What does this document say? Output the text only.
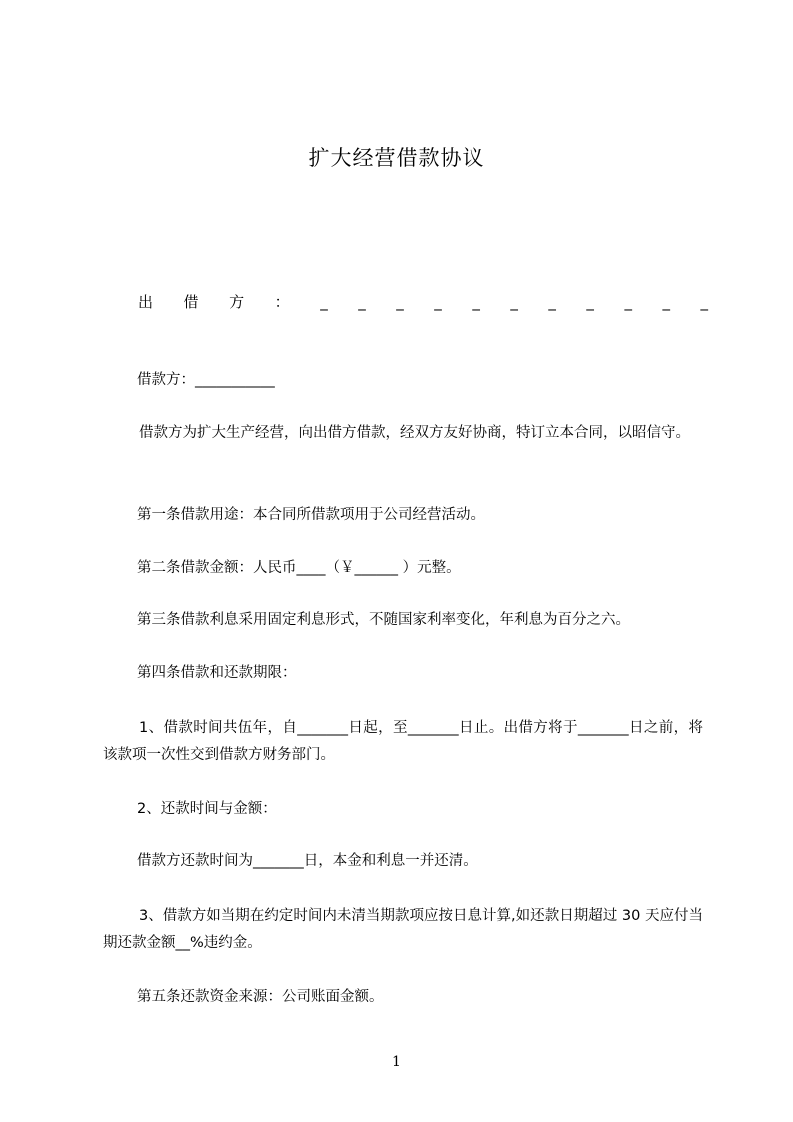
扩大经营借款协议
出 借 方 ： _ _ _ _ _ _ _ _ _ _ _
借款方：___________
借款方为扩大生产经营，向出借方借款，经双方友好协商，特订立本合同，以昭信守。
第一条借款用途：本合同所借款项用于公司经营活动。
第二条借款金额：人民币____（￥______ ）元整。
第三条借款利息采用固定利息形式，不随国家利率变化，年利息为百分之六。
第四条借款和还款期限：
1、借款时间共伍年，自_______日起，至_______日止。出借方将于_______日之前，将该款项一次性交到借款方财务部门。
2、还款时间与金额：
借款方还款时间为_______日，本金和利息一并还清。
3、借款方如当期在约定时间内未清当期款项应按日息计算,如还款日期超过 30 天应付当期还款金额__%违约金。
第五条还款资金来源：公司账面金额。
1
